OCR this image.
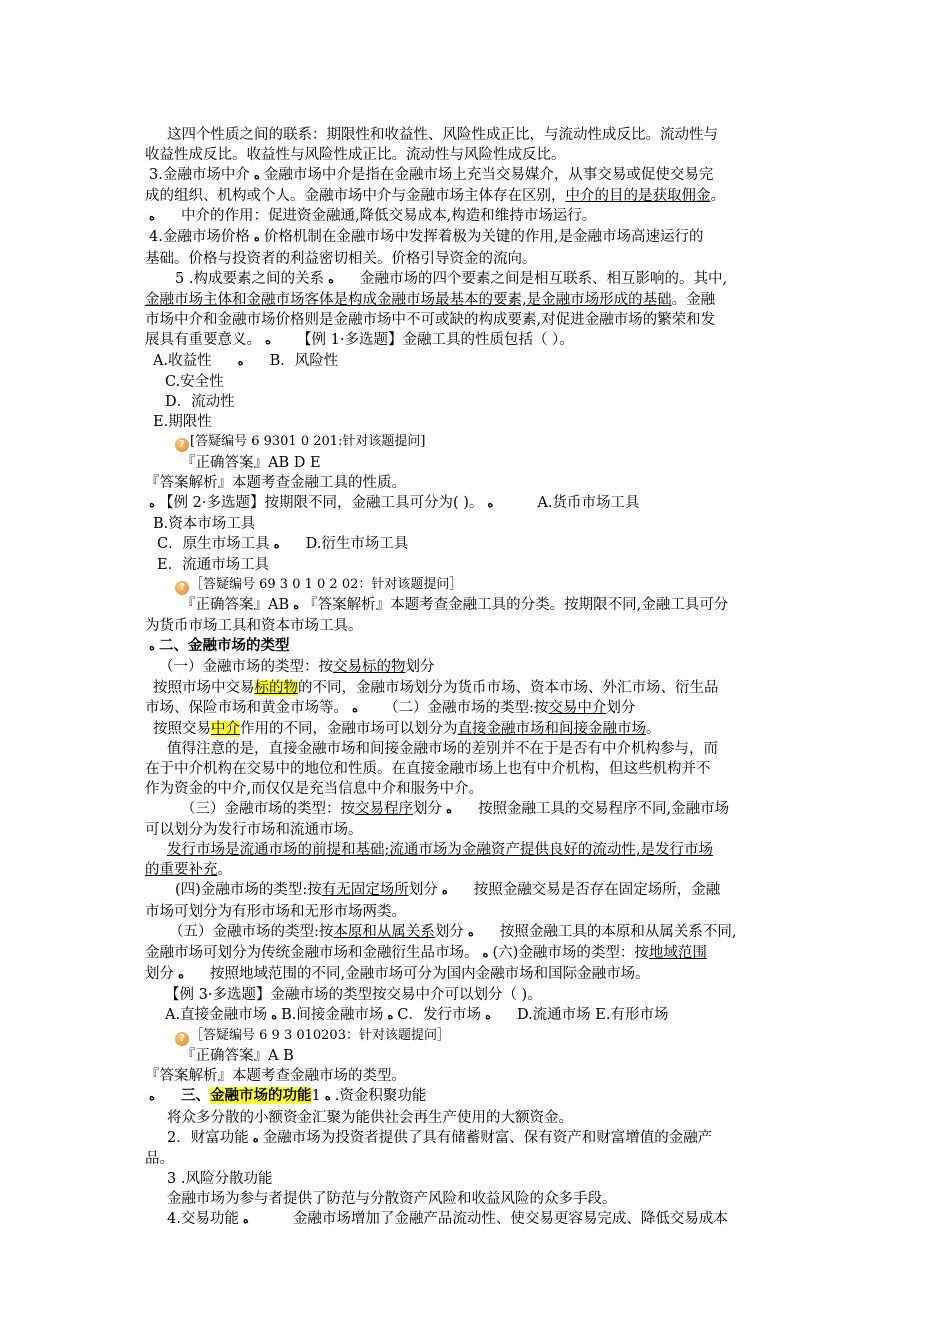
这四个性质之间的联系：期限性和收益性、风险性成正比，与流动性成反比。流动性与

收益性成反比。收益性与风险性成正比。流动性与风险性成反比。

3.金融市场中介 ه 金融市场中介是指在金融市场上充当交易媒介，从事交易或促使交易完

成的组织、机构或个人。金融市场中介与金融市场主体存在区别，中介的目的是获取佣金。

ه 中介的作用：促进资金融通,降低交易成本,构造和维持市场运行。

4.金融市场价格 ه 价格机制在金融市场中发挥着极为关键的作用,是金融市场高速运行的

基础。价格与投资者的利益密切相关。价格引导资金的流向。

5 .构成要素之间的关系 ه 金融市场的四个要素之间是相互联系、相互影响的。其中,

金融市场主体和金融市场客体是构成金融市场最基本的要素,是金融市场形成的基础。金融

市场中介和金融市场价格则是金融市场中不可或缺的构成要素,对促进金融市场的繁荣和发

展具有重要意义。 ه 【例 1·多选题】金融工具的性质包括（ ）。

A.收益性 ه B．风险性

C.安全性

D．流动性

E.期限性

? [答疑编号 6 9301 0 201:针对该题提问]

『正确答案』AB D E

『答案解析』本题考查金融工具的性质。

ه 【例 2·多选题】按期限不同，金融工具可分为( )。 ه	A.货币市场工具

B.资本市场工具

C．原生市场工具 ه D.衍生市场工具

E．流通市场工具

? ［答疑编号 69 3 0 1 0 2 02：针对该题提问］

『正确答案』AB ه 『答案解析』本题考查金融工具的分类。按期限不同,金融工具可分

为货币市场工具和资本市场工具。

ه 二、金融市场的类型

（一）金融市场的类型：按交易标的物划分

按照市场中交易标的物的不同，金融市场划分为货币市场、资本市场、外汇市场、衍生品

市场、保险市场和黄金市场等。 ه （二）金融市场的类型:按交易中介划分

按照交易中介作用的不同，金融市场可以划分为直接金融市场和间接金融市场。

值得注意的是，直接金融市场和间接金融市场的差别并不在于是否有中介机构参与，而

在于中介机构在交易中的地位和性质。在直接金融市场上也有中介机构，但这些机构并不

作为资金的中介,而仅仅是充当信息中介和服务中介。

（三）金融市场的类型：按交易程序划分 ه 按照金融工具的交易程序不同,金融市场

可以划分为发行市场和流通市场。

发行市场是流通市场的前提和基础;流通市场为金融资产提供良好的流动性,是发行市场

的重要补充。

(四)金融市场的类型:按有无固定场所划分 ه 按照金融交易是否存在固定场所，金融

市场可划分为有形市场和无形市场两类。

（五）金融市场的类型:按本原和从属关系划分 ه 按照金融工具的本原和从属关系不同,

金融市场可划分为传统金融市场和金融衍生品市场。 ه (六)金融市场的类型：按地域范围

划分 ه 按照地域范围的不同,金融市场可分为国内金融市场和国际金融市场。

【例 3·多选题】金融市场的类型按交易中介可以划分（ )。

A.直接金融市场 ه B.间接金融市场 ه C．发行市场 ه D.流通市场 E.有形市场

? ［答疑编号 6 9 3 010203：针对该题提问］

『正确答案』A B

『答案解析』本题考查金融市场的类型。

ه 三、金融市场的功能1 ه .资金积聚功能

将众多分散的小额资金汇聚为能供社会再生产使用的大额资金。

2．财富功能 ه 金融市场为投资者提供了具有储蓄财富、保有资产和财富增值的金融产

品。

3 .风险分散功能

金融市场为参与者提供了防范与分散资产风险和收益风险的众多手段。

4.交易功能 ه	金融市场增加了金融产品流动性、使交易更容易完成、降低交易成本
